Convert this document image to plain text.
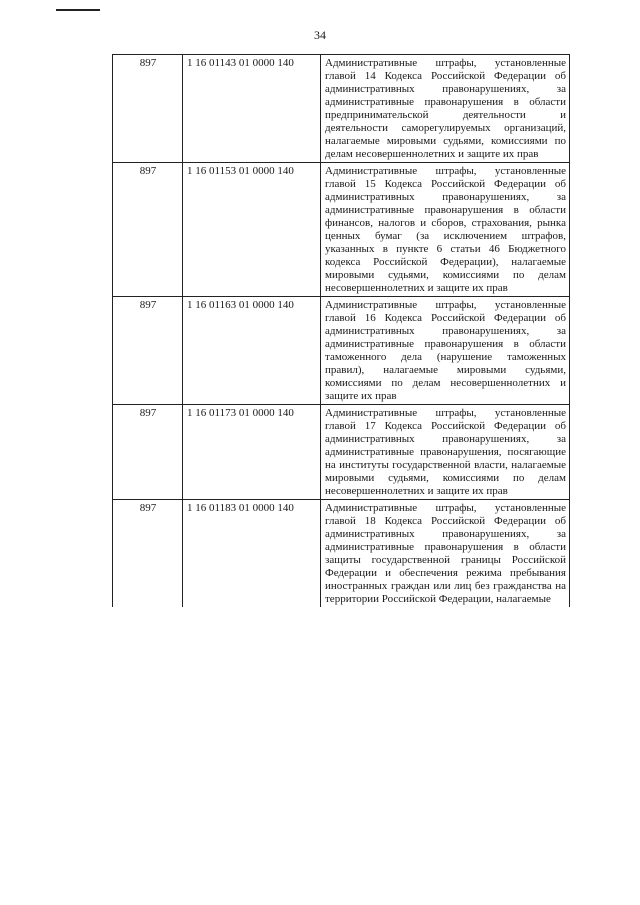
34
897	1 16 01143 01 0000 140	Административные штрафы, установленные главой 14 Кодекса Российской Федерации об административных правонарушениях, за административные правонарушения в области предпринимательской деятельности и деятельности саморегулируемых организаций, налагаемые мировыми судьями, комиссиями по делам несовершеннолетних и защите их прав
897	1 16 01153 01 0000 140	Административные штрафы, установленные главой 15 Кодекса Российской Федерации об административных правонарушениях, за административные правонарушения в области финансов, налогов и сборов, страхования, рынка ценных бумаг (за исключением штрафов, указанных в пункте 6 статьи 46 Бюджетного кодекса Российской Федерации), налагаемые мировыми судьями, комиссиями по делам несовершеннолетних и защите их прав
897	1 16 01163 01 0000 140	Административные штрафы, установленные главой 16 Кодекса Российской Федерации об административных правонарушениях, за административные правонарушения в области таможенного дела (нарушение таможенных правил), налагаемые мировыми судьями, комиссиями по делам несовершеннолетних и защите их прав
897	1 16 01173 01 0000 140	Административные штрафы, установленные главой 17 Кодекса Российской Федерации об административных правонарушениях, за административные правонарушения, посягающие на институты государственной власти, налагаемые мировыми судьями, комиссиями по делам несовершеннолетних и защите их прав
897	1 16 01183 01 0000 140	Административные штрафы, установленные главой 18 Кодекса Российской Федерации об административных правонарушениях, за административные правонарушения в области защиты государственной границы Российской Федерации и обеспечения режима пребывания иностранных граждан или лиц без гражданства на территории Российской Федерации, налагаемые
